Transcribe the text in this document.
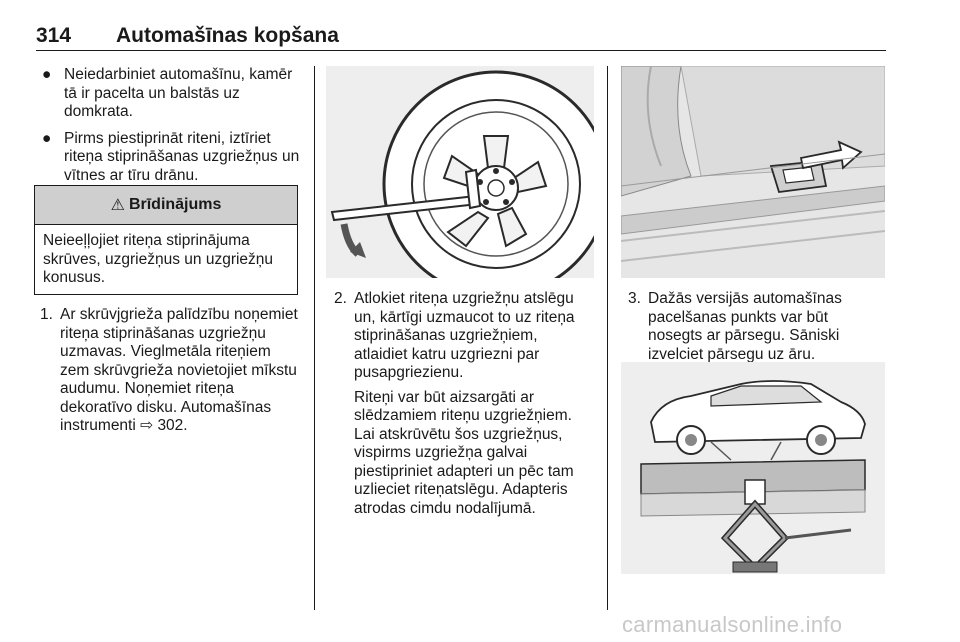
314 Automašīnas kopšana
● Neiedarbiniet automašīnu, kamēr tā ir pacelta un balstās uz domkrata.
● Pirms piestiprināt riteni, iztīriet riteņa stiprināšanas uzgriežņus un vītnes ar tīru drānu.
⚠ Brīdinājums
Neieeļļojiet riteņa stiprinājuma skrūves, uzgriežņus un uzgriežņu konusus.
1. Ar skrūvjgrieža palīdzību noņemiet riteņa stiprināšanas uzgriežņu uzmavas. Vieglmetāla riteņiem zem skrūvgrieža novietojiet mīkstu audumu. Noņemiet riteņa dekoratīvo disku. Automašīnas instrumenti ⇨ 302.
2. Atlokiet riteņa uzgriežņu atslēgu un, kārtīgi uzmaucot to uz riteņa stiprināšanas uzgriežņiem, atlaidiet katru uzgriezni par pusapgriezienu.

Riteņi var būt aizsargāti ar slēdzamiem riteņu uzgriežņiem. Lai atskrūvētu šos uzgriežņus, vispirms uzgriežņa galvai piestipriniet adapteri un pēc tam uzlieciet riteņatslēgu. Adapteris atrodas cimdu nodalījumā.

3. Dažās versijās automašīnas pacelšanas punkts var būt nosegts ar pārsegu. Sāniski izvelciet pārsegu uz āru.

carmanualsonline.info
